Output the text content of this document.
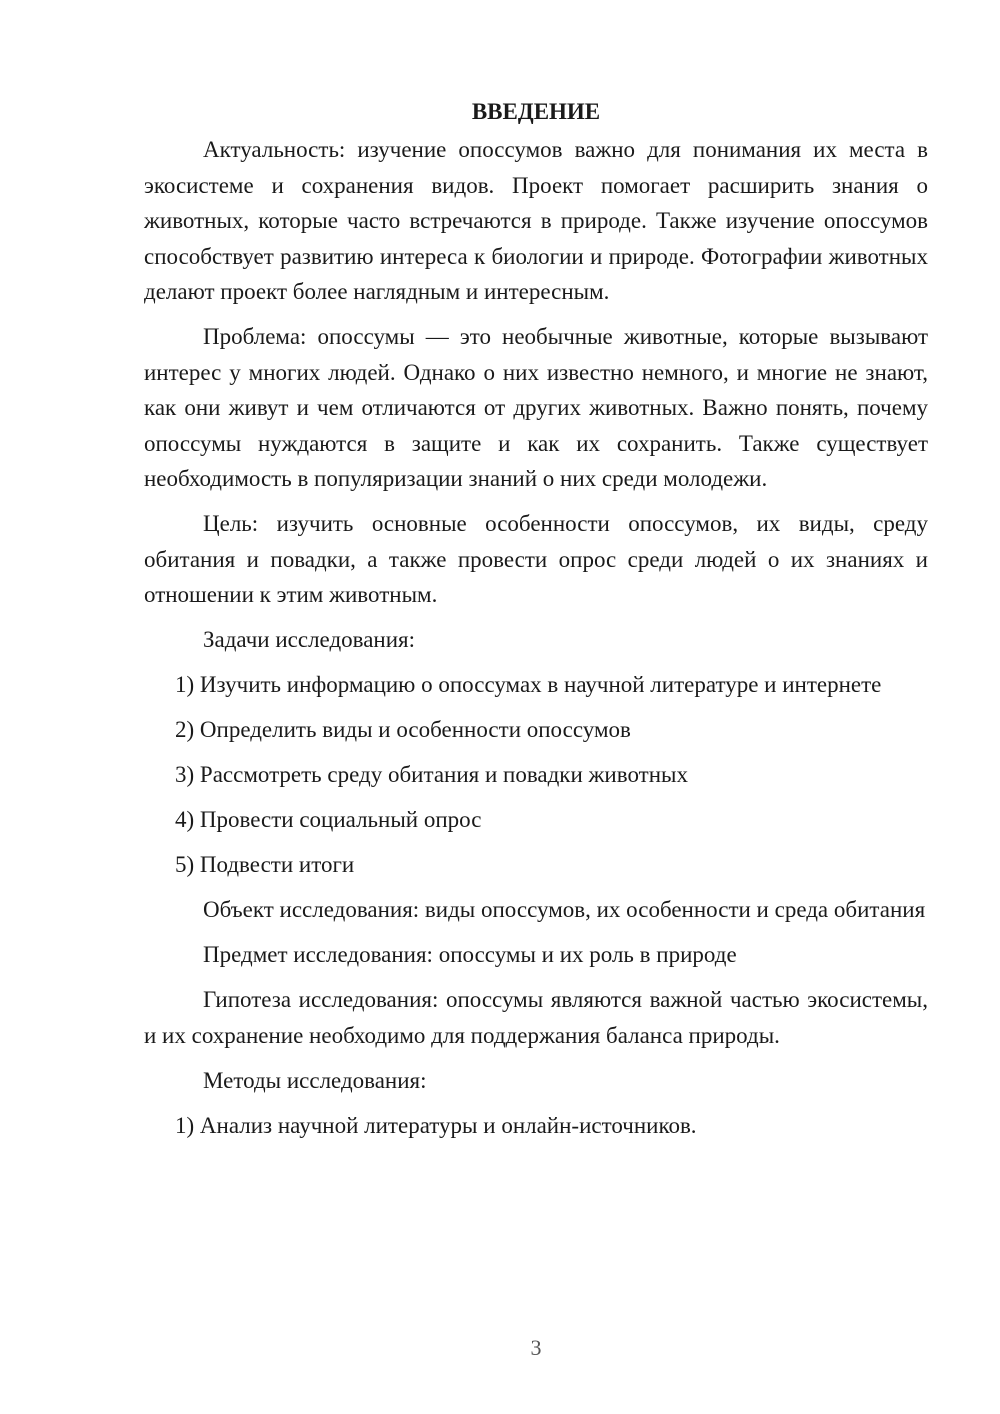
ВВЕДЕНИЕ

Актуальность: изучение опоссумов важно для понимания их места в экосистеме и сохранения видов. Проект помогает расширить знания о животных, которые часто встречаются в природе. Также изучение опоссумов способствует развитию интереса к биологии и природе. Фотографии животных делают проект более наглядным и интересным.

Проблема: опоссумы — это необычные животные, которые вызывают интерес у многих людей. Однако о них известно немного, и многие не знают, как они живут и чем отличаются от других животных. Важно понять, почему опоссумы нуждаются в защите и как их сохранить. Также существует необходимость в популяризации знаний о них среди молодежи.

Цель: изучить основные особенности опоссумов, их виды, среду обитания и повадки, а также провести опрос среди людей о их знаниях и отношении к этим животным.

Задачи исследования:

1) Изучить информацию о опоссумах в научной литературе и интернете

2) Определить виды и особенности опоссумов

3) Рассмотреть среду обитания и повадки животных

4) Провести социальный опрос

5) Подвести итоги

Объект исследования: виды опоссумов, их особенности и среда обитания

Предмет исследования: опоссумы и их роль в природе

Гипотеза исследования: опоссумы являются важной частью экосистемы, и их сохранение необходимо для поддержания баланса природы.

Методы исследования:

1) Анализ научной литературы и онлайн-источников.

3
